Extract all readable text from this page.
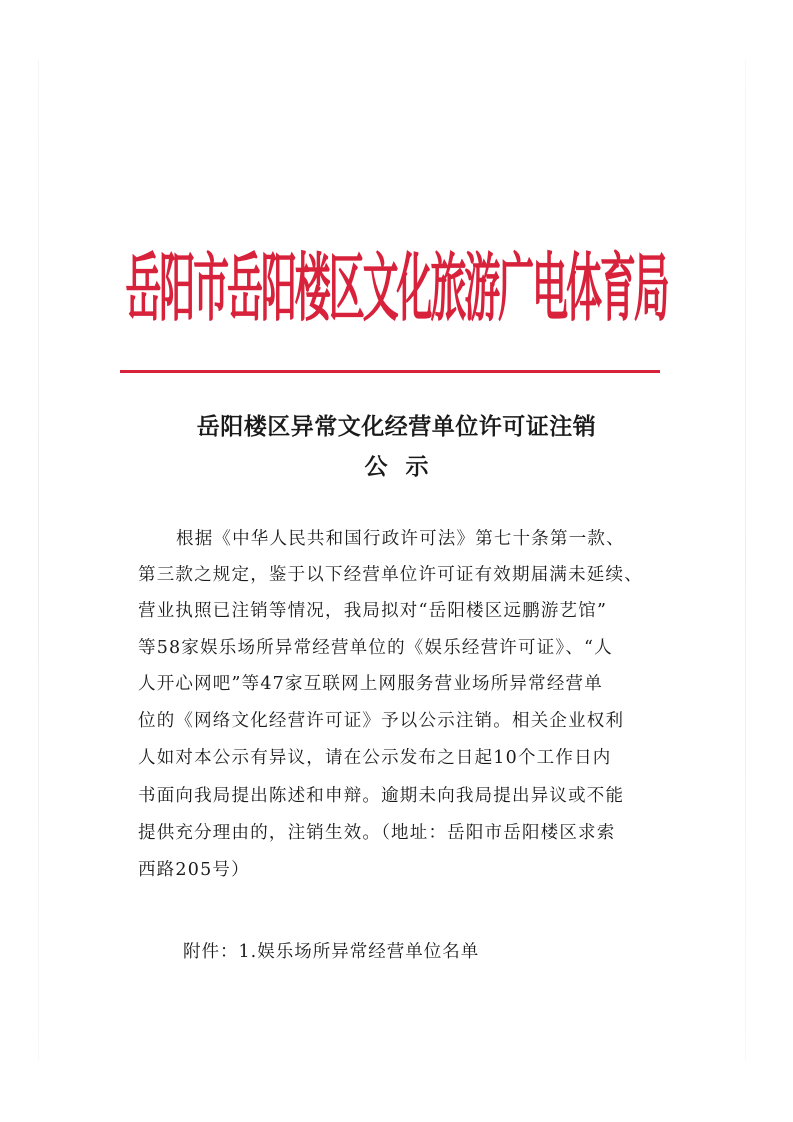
岳阳市岳阳楼区文化旅游广电体育局
岳阳楼区异常文化经营单位许可证注销
公示
根据《中华人民共和国行政许可法》第七十条第一款、
第三款之规定，鉴于以下经营单位许可证有效期届满未延续、
营业执照已注销等情况，我局拟对“岳阳楼区远鹏游艺馆”
等58家娱乐场所异常经营单位的《娱乐经营许可证》、“人
人开心网吧”等47家互联网上网服务营业场所异常经营单
位的《网络文化经营许可证》予以公示注销。相关企业权利
人如对本公示有异议，请在公示发布之日起10个工作日内
书面向我局提出陈述和申辩。逾期未向我局提出异议或不能
提供充分理由的，注销生效。（地址：岳阳市岳阳楼区求索
西路205号）
附件：1.娱乐场所异常经营单位名单
